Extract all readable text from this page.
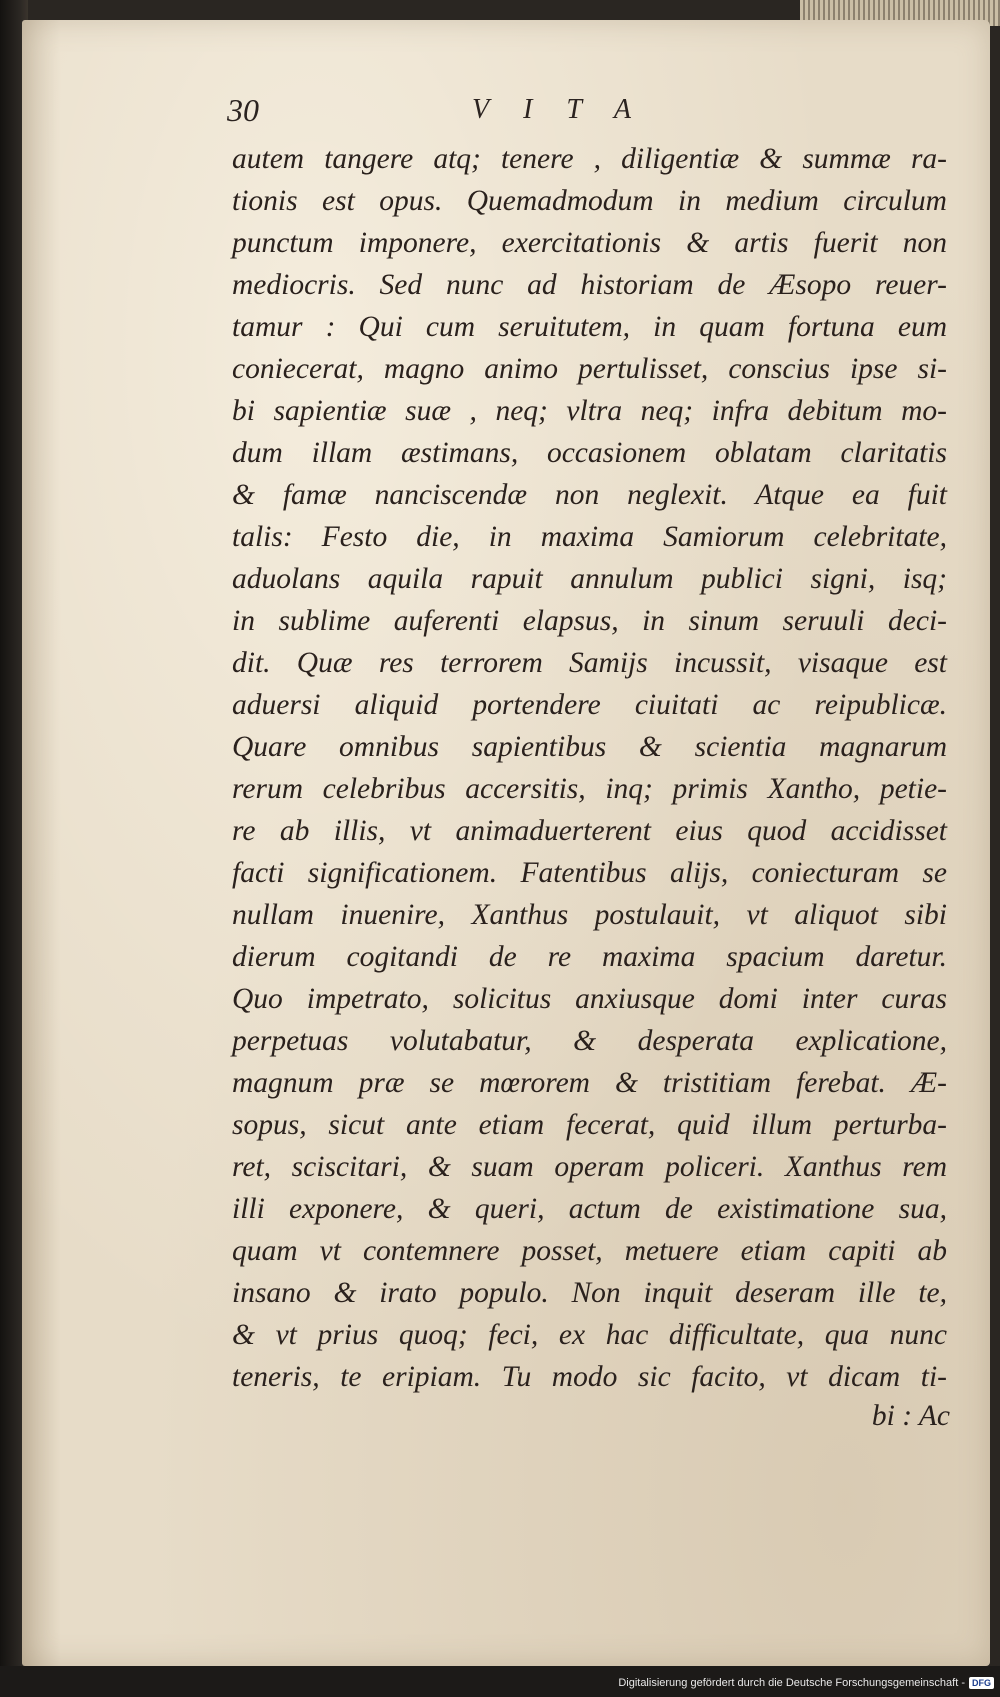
30	VITA
autem tangere atq; tenere , diligentiæ & summæ ra-
tionis est opus. Quemadmodum in medium circulum
punctum imponere, exercitationis & artis fuerit non
mediocris. Sed nunc ad historiam de Æsopo reuer-
tamur : Qui cum seruitutem, in quam fortuna eum
coniecerat, magno animo pertulisset, conscius ipse si-
bi sapientiæ suæ , neq; vltra neq; infra debitum mo-
dum illam æstimans, occasionem oblatam claritatis
& famæ nanciscendæ non neglexit. Atque ea fuit
talis: Festo die, in maxima Samiorum celebritate,
aduolans aquila rapuit annulum publici signi, isq;
in sublime auferenti elapsus, in sinum seruuli deci-
dit. Quæ res terrorem Samijs incussit, visaque est
aduersi aliquid portendere ciuitati ac reipublicæ.
Quare omnibus sapientibus & scientia magnarum
rerum celebribus accersitis, inq; primis Xantho, petie-
re ab illis, vt animaduerterent eius quod accidisset
facti significationem. Fatentibus alijs, coniecturam se
nullam inuenire, Xanthus postulauit, vt aliquot sibi
dierum cogitandi de re maxima spacium daretur.
Quo impetrato, solicitus anxiusque domi inter curas
perpetuas volutabatur, & desperata explicatione,
magnum præ se mœrorem & tristitiam ferebat. Æ-
sopus, sicut ante etiam fecerat, quid illum perturba-
ret, sciscitari, & suam operam policeri. Xanthus rem
illi exponere, & queri, actum de existimatione sua,
quam vt contemnere posset, metuere etiam capiti ab
insano & irato populo. Non inquit deseram ille te,
& vt prius quoq; feci, ex hac difficultate, qua nunc
teneris, te eripiam. Tu modo sic facito, vt dicam ti-
bi : Ac
Digitalisierung gefördert durch die Deutsche Forschungsgemeinschaft - DFG
